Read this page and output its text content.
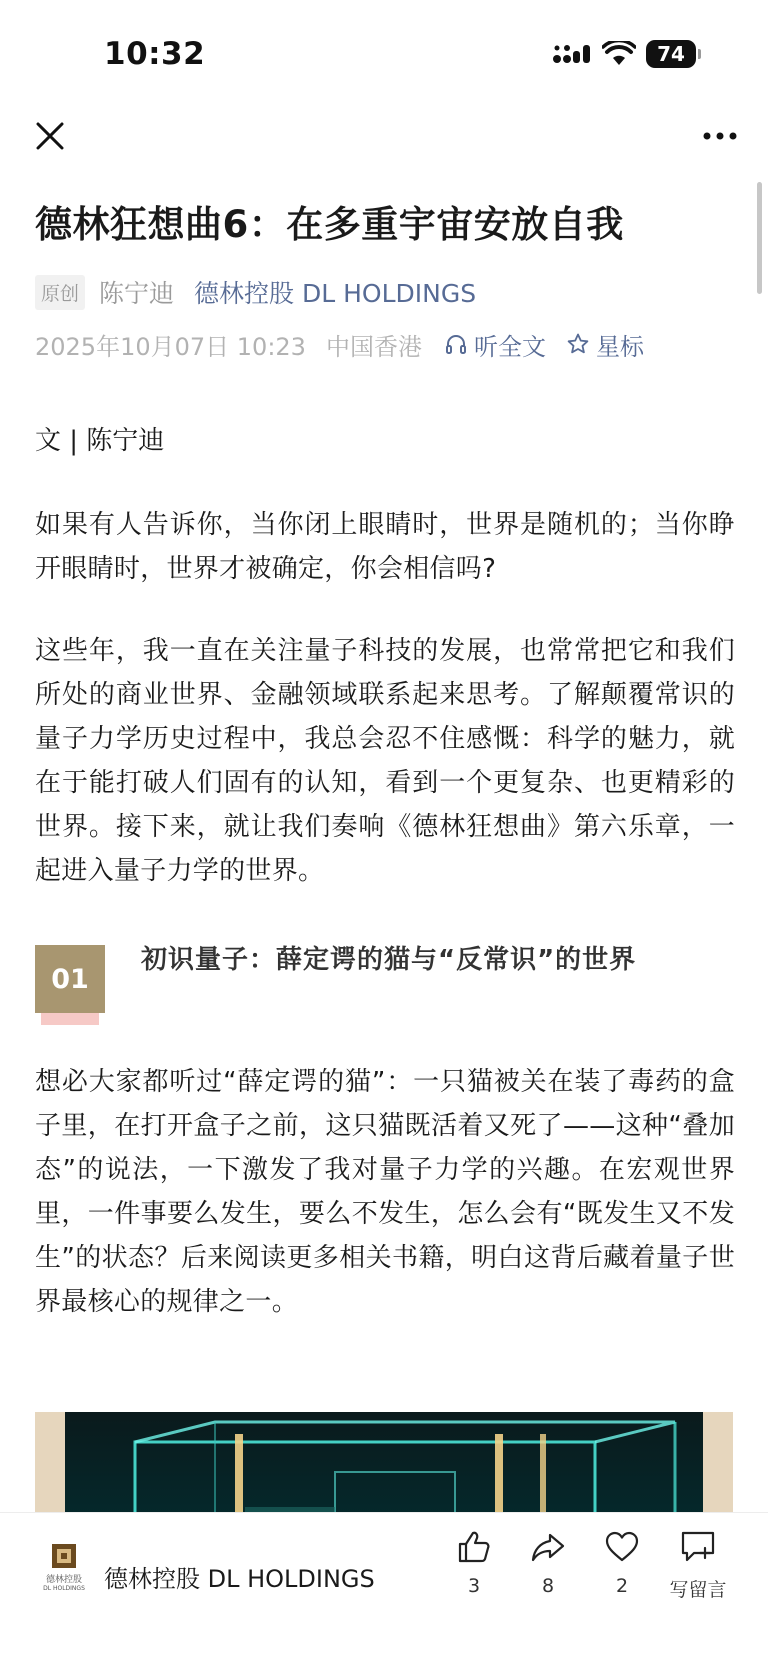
10:32	74
德林狂想曲6：在多重宇宙安放自我
原创 陈宁迪 德林控股 DL HOLDINGS
2025年10月07日 10:23 中国香港 听全文 星标
文 | 陈宁迪
如果有人告诉你，当你闭上眼睛时，世界是随机的；当你睁开眼睛时，世界才被确定，你会相信吗?
这些年，我一直在关注量子科技的发展，也常常把它和我们所处的商业世界、金融领域联系起来思考。了解颠覆常识的量子力学历史过程中，我总会忍不住感慨：科学的魅力，就在于能打破人们固有的认知，看到一个更复杂、也更精彩的世界。接下来，就让我们奏响《德林狂想曲》第六乐章，一起进入量子力学的世界。
01
初识量子：薛定谔的猫与“反常识”的世界
想必大家都听过“薛定谔的猫”：一只猫被关在装了毒药的盒子里，在打开盒子之前，这只猫既活着又死了——这种“叠加态”的说法，一下激发了我对量子力学的兴趣。在宏观世界里，一件事要么发生，要么不发生，怎么会有“既发生又不发生”的状态？后来阅读更多相关书籍，明白这背后藏着量子世界最核心的规律之一。
德林控股
DL HOLDINGS 德林控股 DL HOLDINGS	3	8	2 写留言
